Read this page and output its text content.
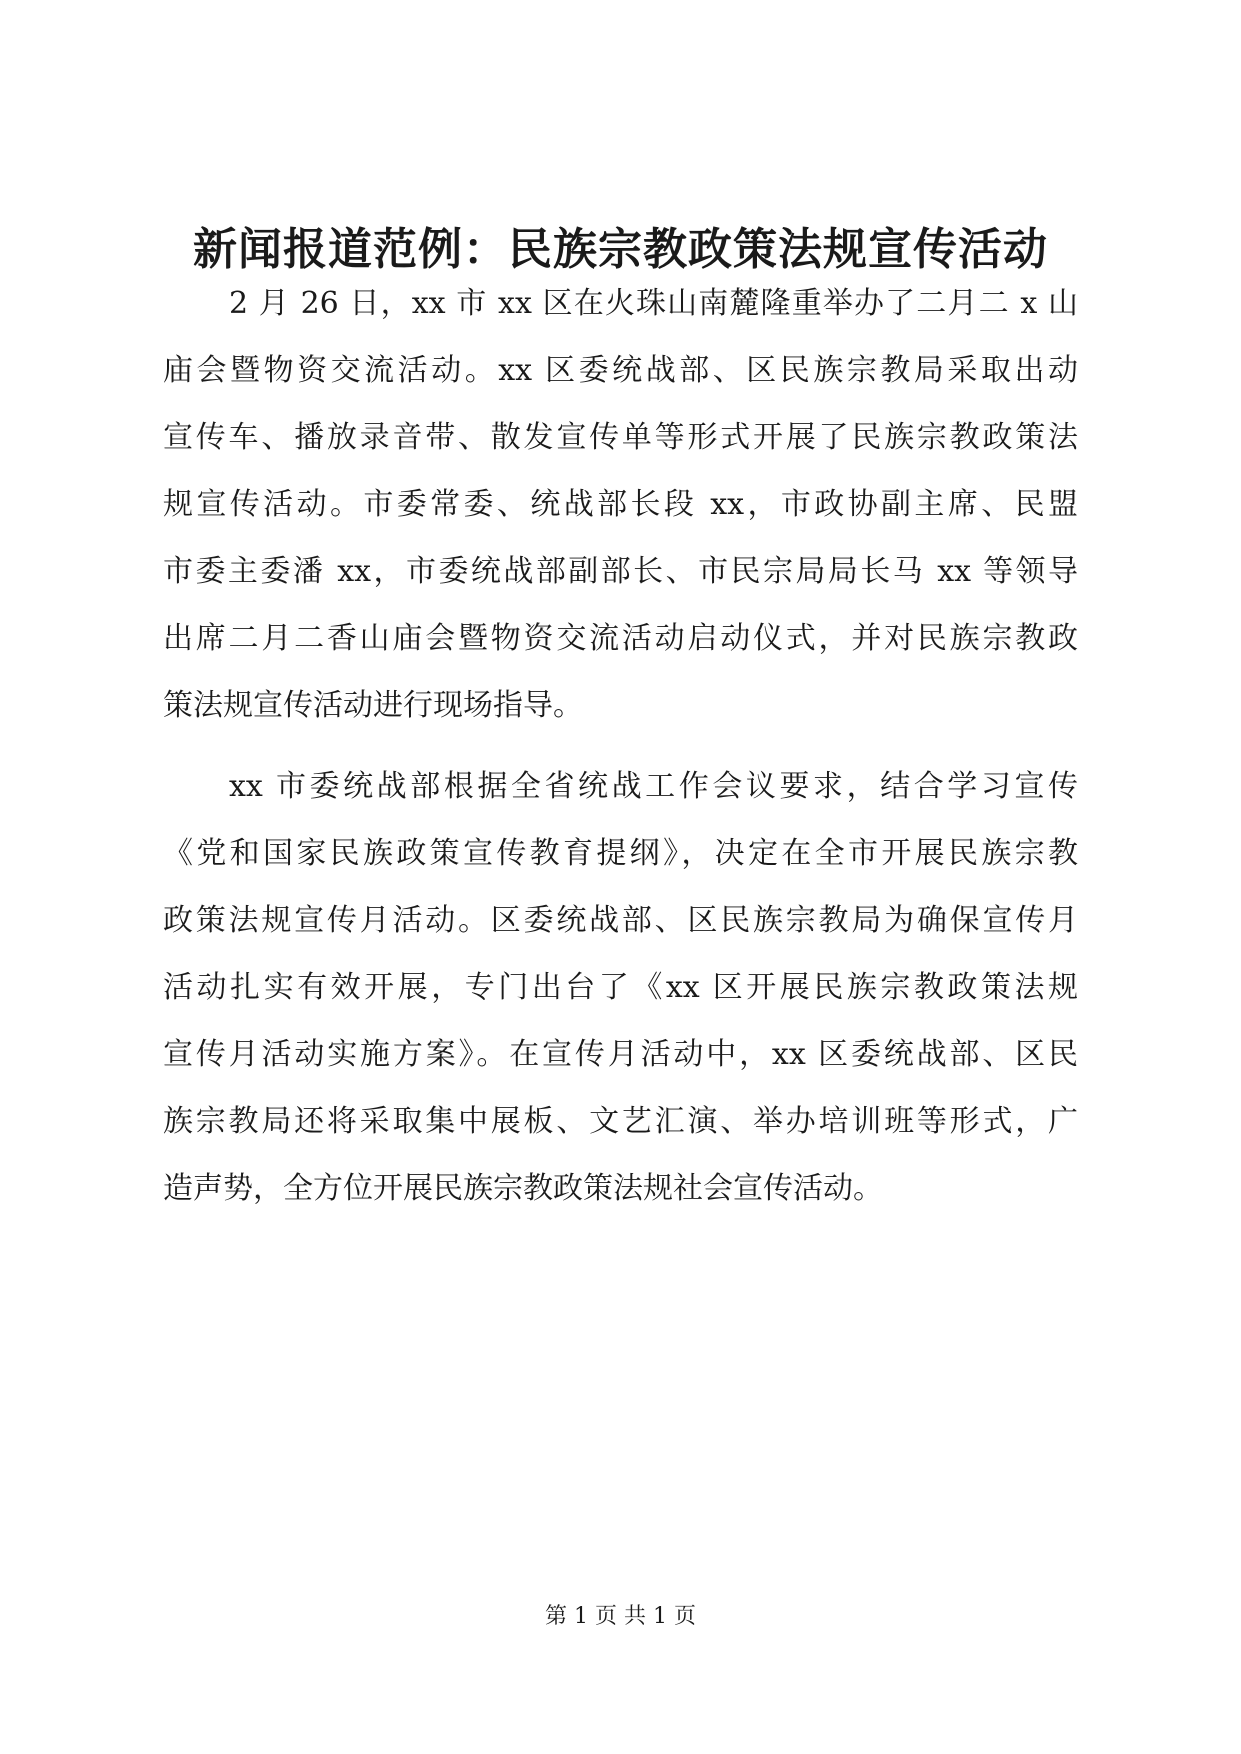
新闻报道范例：民族宗教政策法规宣传活动
2 月 26 日，xx 市 xx 区在火珠山南麓隆重举办了二月二 x 山
庙会暨物资交流活动。xx 区委统战部、区民族宗教局采取出动
宣传车、播放录音带、散发宣传单等形式开展了民族宗教政策法
规宣传活动。市委常委、统战部长段 xx，市政协副主席、民盟
市委主委潘 xx，市委统战部副部长、市民宗局局长马 xx 等领导
出席二月二香山庙会暨物资交流活动启动仪式，并对民族宗教政
策法规宣传活动进行现场指导。
xx 市委统战部根据全省统战工作会议要求，结合学习宣传
《党和国家民族政策宣传教育提纲》，决定在全市开展民族宗教
政策法规宣传月活动。区委统战部、区民族宗教局为确保宣传月
活动扎实有效开展，专门出台了《xx 区开展民族宗教政策法规
宣传月活动实施方案》。在宣传月活动中，xx 区委统战部、区民
族宗教局还将采取集中展板、文艺汇演、举办培训班等形式，广
造声势，全方位开展民族宗教政策法规社会宣传活动。
第 1 页 共 1 页
